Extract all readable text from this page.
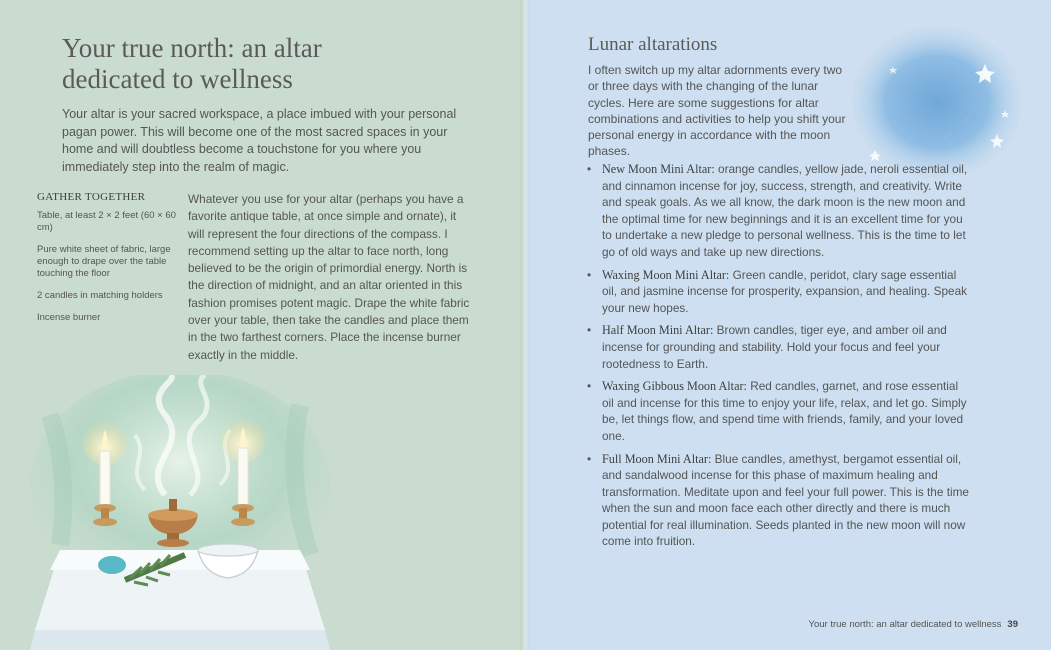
Your true north: an altar
dedicated to wellness

Your altar is your sacred workspace, a place imbued with your personal pagan power. This will become one of the most sacred spaces in your home and will doubtless become a touchstone for you where you immediately step into the realm of magic.

GATHER TOGETHER
Table, at least 2 × 2 feet (60 × 60 cm)
Pure white sheet of fabric, large enough to drape over the table touching the floor
2 candles in matching holders
Incense burner

Whatever you use for your altar (perhaps you have a favorite antique table, at once simple and ornate), it will represent the four directions of the compass. I recommend setting up the altar to face north, long believed to be the origin of primordial energy. North is the direction of midnight, and an altar oriented in this fashion promises potent magic. Drape the white fabric over your table, then take the candles and place them in the two farthest corners. Place the incense burner exactly in the middle.

Lunar altarations

I often switch up my altar adornments every two or three days with the changing of the lunar cycles. Here are some suggestions for altar combinations and activities to help you shift your personal energy in accordance with the moon phases.

• New Moon Mini Altar: orange candles, yellow jade, neroli essential oil, and cinnamon incense for joy, success, strength, and creativity. Write and speak goals. As we all know, the dark moon is the new moon and the optimal time for new beginnings and it is an excellent time for you to undertake a new pledge to personal wellness. This is the time to let go of old ways and take up new directions.
• Waxing Moon Mini Altar: Green candle, peridot, clary sage essential oil, and jasmine incense for prosperity, expansion, and healing. Speak your new hopes.
• Half Moon Mini Altar: Brown candles, tiger eye, and amber oil and incense for grounding and stability. Hold your focus and feel your rootedness to Earth.
• Waxing Gibbous Moon Altar: Red candles, garnet, and rose essential oil and incense for this time to enjoy your life, relax, and let go. Simply be, let things flow, and spend time with friends, family, and your loved one.
• Full Moon Mini Altar: Blue candles, amethyst, bergamot essential oil, and sandalwood incense for this phase of maximum healing and transformation. Meditate upon and feel your full power. This is the time when the sun and moon face each other directly and there is much potential for real illumination. Seeds planted in the new moon will now come into fruition.
Your true north: an altar dedicated to wellness 39
